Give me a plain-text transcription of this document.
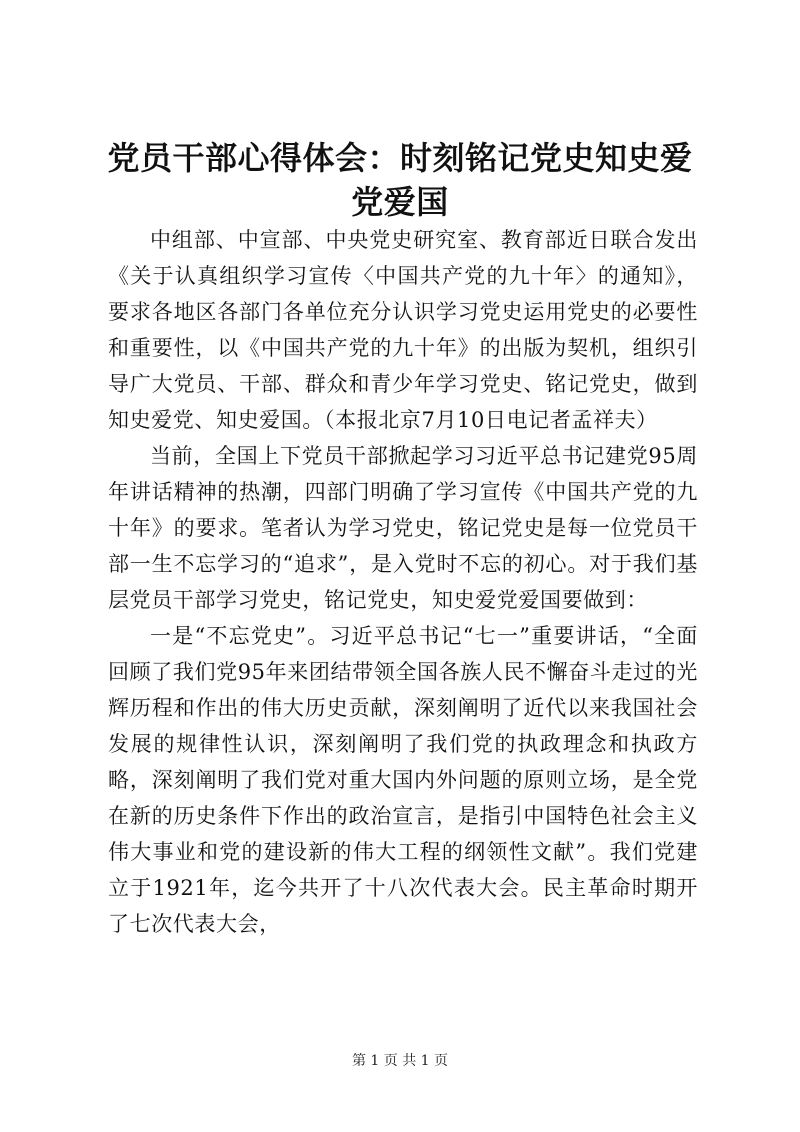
党员干部心得体会：时刻铭记党史知史爱党爱国

中组部、中宣部、中央党史研究室、教育部近日联合发出《关于认真组织学习宣传〈中国共产党的九十年〉的通知》，要求各地区各部门各单位充分认识学习党史运用党史的必要性和重要性，以《中国共产党的九十年》的出版为契机，组织引导广大党员、干部、群众和青少年学习党史、铭记党史，做到知史爱党、知史爱国。（本报北京7月10日电记者孟祥夫）

当前，全国上下党员干部掀起学习习近平总书记建党95周年讲话精神的热潮，四部门明确了学习宣传《中国共产党的九十年》的要求。笔者认为学习党史，铭记党史是每一位党员干部一生不忘学习的“追求”，是入党时不忘的初心。对于我们基层党员干部学习党史，铭记党史，知史爱党爱国要做到：

一是“不忘党史”。习近平总书记“七一”重要讲话，“全面回顾了我们党95年来团结带领全国各族人民不懈奋斗走过的光辉历程和作出的伟大历史贡献，深刻阐明了近代以来我国社会发展的规律性认识，深刻阐明了我们党的执政理念和执政方略，深刻阐明了我们党对重大国内外问题的原则立场，是全党在新的历史条件下作出的政治宣言，是指引中国特色社会主义伟大事业和党的建设新的伟大工程的纲领性文献”。我们党建立于1921年，迄今共开了十八次代表大会。民主革命时期开了七次代表大会，

第 1 页 共 1 页
